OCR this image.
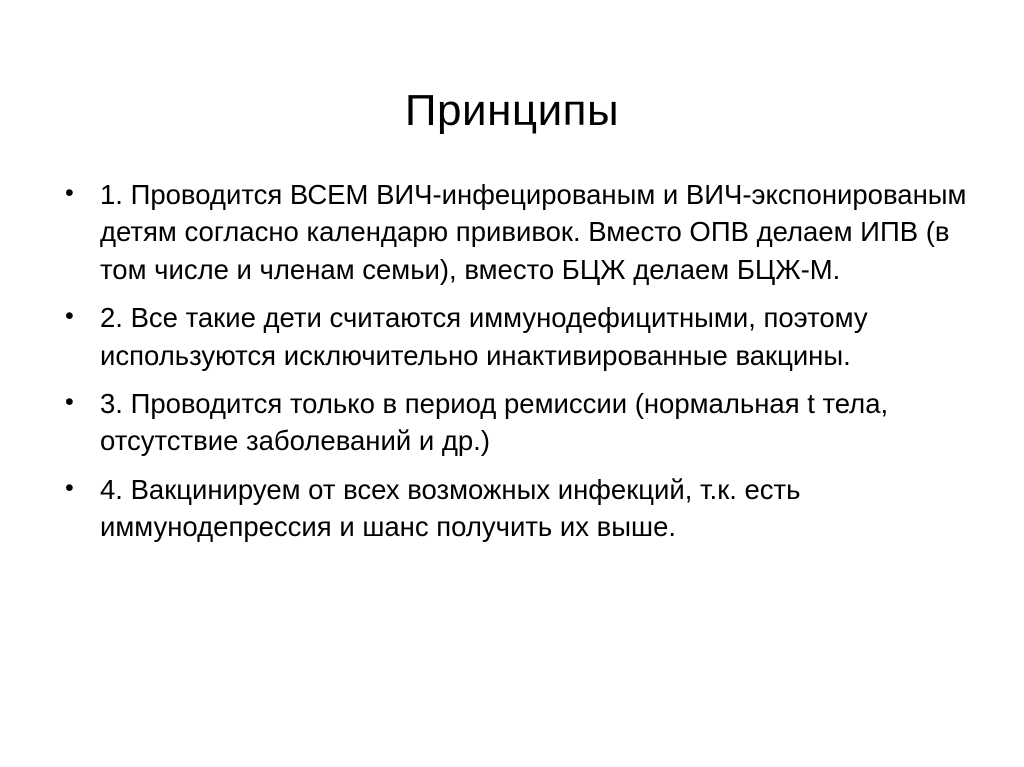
Принципы
• 1. Проводится ВСЕМ ВИЧ-инфецированым и ВИЧ-экспонированым детям согласно календарю прививок. Вместо ОПВ делаем ИПВ (в том числе и членам семьи), вместо БЦЖ делаем БЦЖ-М.
• 2. Все такие дети считаются иммунодефицитными, поэтому используются исключительно инактивированные вакцины.
• 3. Проводится только в период ремиссии (нормальная t тела, отсутствие заболеваний и др.)
• 4. Вакцинируем от всех возможных инфекций, т.к. есть иммунодепрессия и шанс получить их выше.
